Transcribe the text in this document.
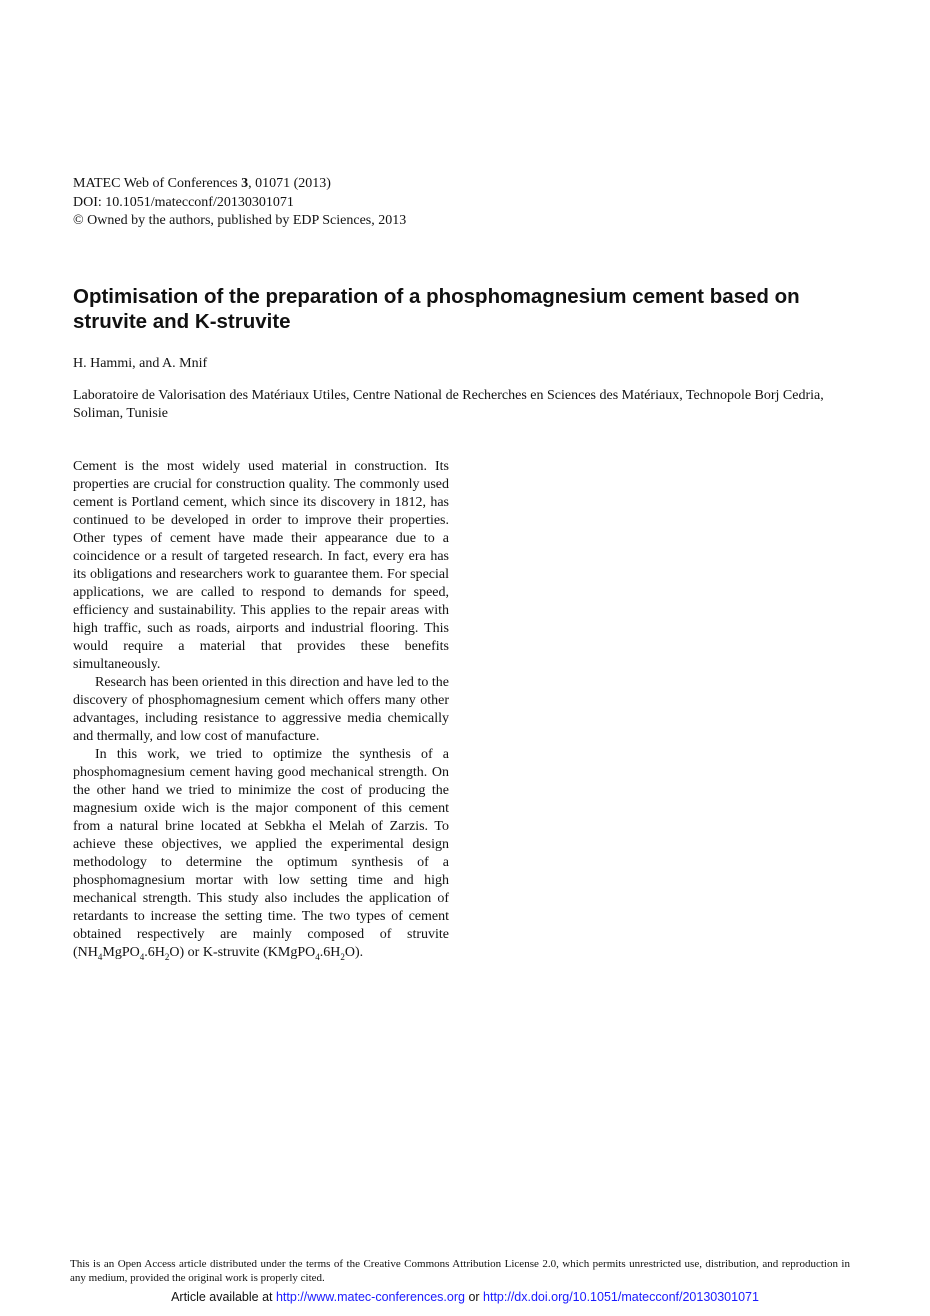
MATEC Web of Conferences 3, 01071 (2013)
DOI: 10.1051/matecconf/20130301071
© Owned by the authors, published by EDP Sciences, 2013
Optimisation of the preparation of a phosphomagnesium cement based on struvite and K-struvite
H. Hammi, and A. Mnif
Laboratoire de Valorisation des Matériaux Utiles, Centre National de Recherches en Sciences des Matériaux, Technopole Borj Cedria, Soliman, Tunisie

Cement is the most widely used material in construction. Its properties are crucial for construction quality. The commonly used cement is Portland cement, which since its discovery in 1812, has continued to be developed in order to improve their properties. Other types of cement have made their appearance due to a coincidence or a result of targeted research. In fact, every era has its obligations and researchers work to guarantee them. For special applications, we are called to respond to demands for speed, efficiency and sustainability. This applies to the repair areas with high traffic, such as roads, airports and industrial flooring. This would require a material that provides these benefits simultaneously.

Research has been oriented in this direction and have led to the discovery of phosphomagnesium cement which offers many other advantages, including resistance to aggressive media chemically and thermally, and low cost of manufacture.

In this work, we tried to optimize the synthesis of a phosphomagnesium cement having good mechanical strength. On the other hand we tried to minimize the cost of producing the magnesium oxide wich is the major component of this cement from a natural brine located at Sebkha el Melah of Zarzis. To achieve these objectives, we applied the experimental design methodology to determine the optimum synthesis of a phosphomagnesium mortar with low setting time and high mechanical strength. This study also includes the application of retardants to increase the setting time. The two types of cement obtained respectively are mainly composed of struvite $(NH_4MgPO_4.6H_2O)$ or K-struvite $(KMgPO_4.6H_2O)$.

This is an Open Access article distributed under the terms of the Creative Commons Attribution License 2.0, which permits unrestricted use, distribution, and reproduction in any medium, provided the original work is properly cited.
Article available at http://www.matec-conferences.org or http://dx.doi.org/10.1051/matecconf/20130301071
